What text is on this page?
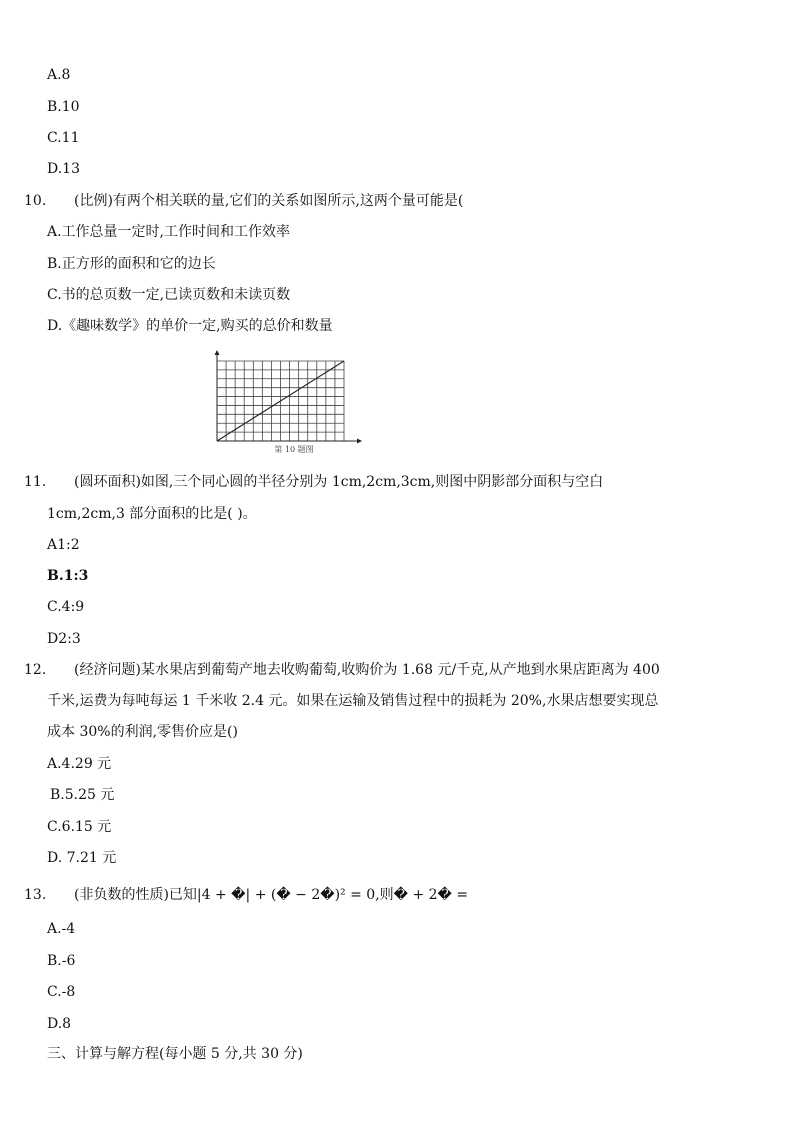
A.8
B.10
C.11
D.13
10. (比例)有两个相关联的量,它们的关系如图所示,这两个量可能是(
A.工作总量一定时,工作时间和工作效率
B.正方形的面积和它的边长
C.书的总页数一定,已读页数和未读页数
D.《趣味数学》的单价一定,购买的总价和数量
第 10 题图
11. (圆环面积)如图,三个同心圆的半径分别为 1cm,2cm,3cm,则图中阴影部分面积与空白
1cm,2cm,3 部分面积的比是( )。
A1:2
B.1:3
C.4:9
D2:3
12. (经济问题)某水果店到葡萄产地去收购葡萄,收购价为 1.68 元/千克,从产地到水果店距离为 400
千米,运费为每吨每运 1 千米收 2.4 元。如果在运输及销售过程中的损耗为 20%,水果店想要实现总
成本 30%的利润,零售价应是()
A.4.29 元
B.5.25 元
C.6.15 元
D. 7.21 元
13. (非负数的性质)已知|4 + �| + (� − 2�)² = 0,则� + 2� =
A.-4
B.-6
C.-8
D.8
三、计算与解方程(每小题 5 分,共 30 分)
